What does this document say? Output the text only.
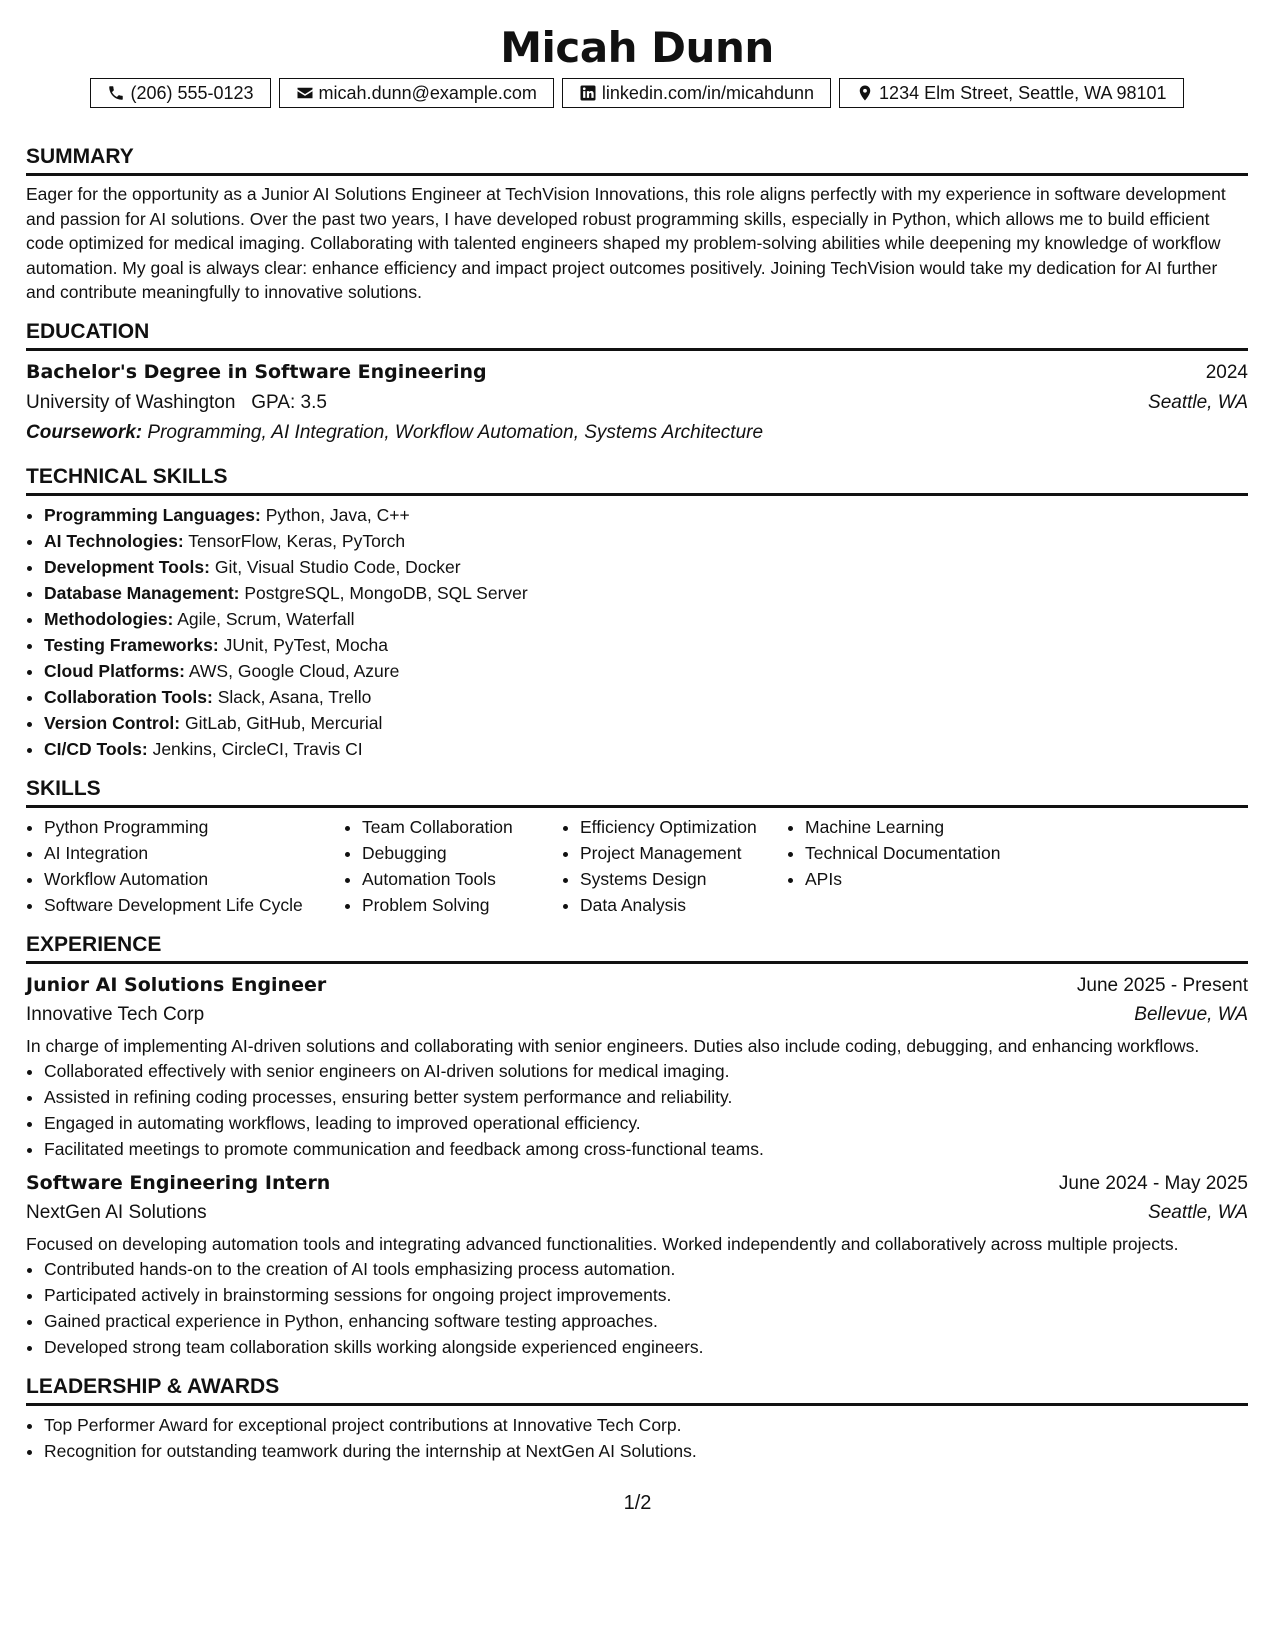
Micah Dunn
(206) 555-0123	micah.dunn@example.com	linkedin.com/in/micahdunn	1234 Elm Street, Seattle, WA 98101
SUMMARY

Eager for the opportunity as a Junior AI Solutions Engineer at TechVision Innovations, this role aligns perfectly with my experience in software development and passion for AI solutions. Over the past two years, I have developed robust programming skills, especially in Python, which allows me to build efficient code optimized for medical imaging. Collaborating with talented engineers shaped my problem-solving abilities while deepening my knowledge of workflow automation. My goal is always clear: enhance efficiency and impact project outcomes positively. Joining TechVision would take my dedication for AI further and contribute meaningfully to innovative solutions.

EDUCATION
Bachelor's Degree in Software Engineering	2024
University of Washington GPA: 3.5	Seattle, WA
Coursework: Programming, AI Integration, Workflow Automation, Systems Architecture
TECHNICAL SKILLS
• Programming Languages: Python, Java, C++
• AI Technologies: TensorFlow, Keras, PyTorch
• Development Tools: Git, Visual Studio Code, Docker
• Database Management: PostgreSQL, MongoDB, SQL Server
• Methodologies: Agile, Scrum, Waterfall
• Testing Frameworks: JUnit, PyTest, Mocha
• Cloud Platforms: AWS, Google Cloud, Azure
• Collaboration Tools: Slack, Asana, Trello
• Version Control: GitLab, GitHub, Mercurial
• CI/CD Tools: Jenkins, CircleCI, Travis CI
SKILLS
• Python Programming
• AI Integration
• Workflow Automation
• Software Development Life Cycle
• Team Collaboration
• Debugging
• Automation Tools
• Problem Solving
• Efficiency Optimization
• Project Management
• Systems Design
• Data Analysis
• Machine Learning
• Technical Documentation
• APIs
EXPERIENCE
Junior AI Solutions Engineer	June 2025 - Present
Innovative Tech Corp	Bellevue, WA

In charge of implementing AI-driven solutions and collaborating with senior engineers. Duties also include coding, debugging, and enhancing workflows.

• Collaborated effectively with senior engineers on AI-driven solutions for medical imaging.
• Assisted in refining coding processes, ensuring better system performance and reliability.
• Engaged in automating workflows, leading to improved operational efficiency.
• Facilitated meetings to promote communication and feedback among cross-functional teams.
Software Engineering Intern	June 2024 - May 2025
NextGen AI Solutions	Seattle, WA

Focused on developing automation tools and integrating advanced functionalities. Worked independently and collaboratively across multiple projects.

• Contributed hands-on to the creation of AI tools emphasizing process automation.
• Participated actively in brainstorming sessions for ongoing project improvements.
• Gained practical experience in Python, enhancing software testing approaches.
• Developed strong team collaboration skills working alongside experienced engineers.
LEADERSHIP & AWARDS
• Top Performer Award for exceptional project contributions at Innovative Tech Corp.
• Recognition for outstanding teamwork during the internship at NextGen AI Solutions.
1/2
